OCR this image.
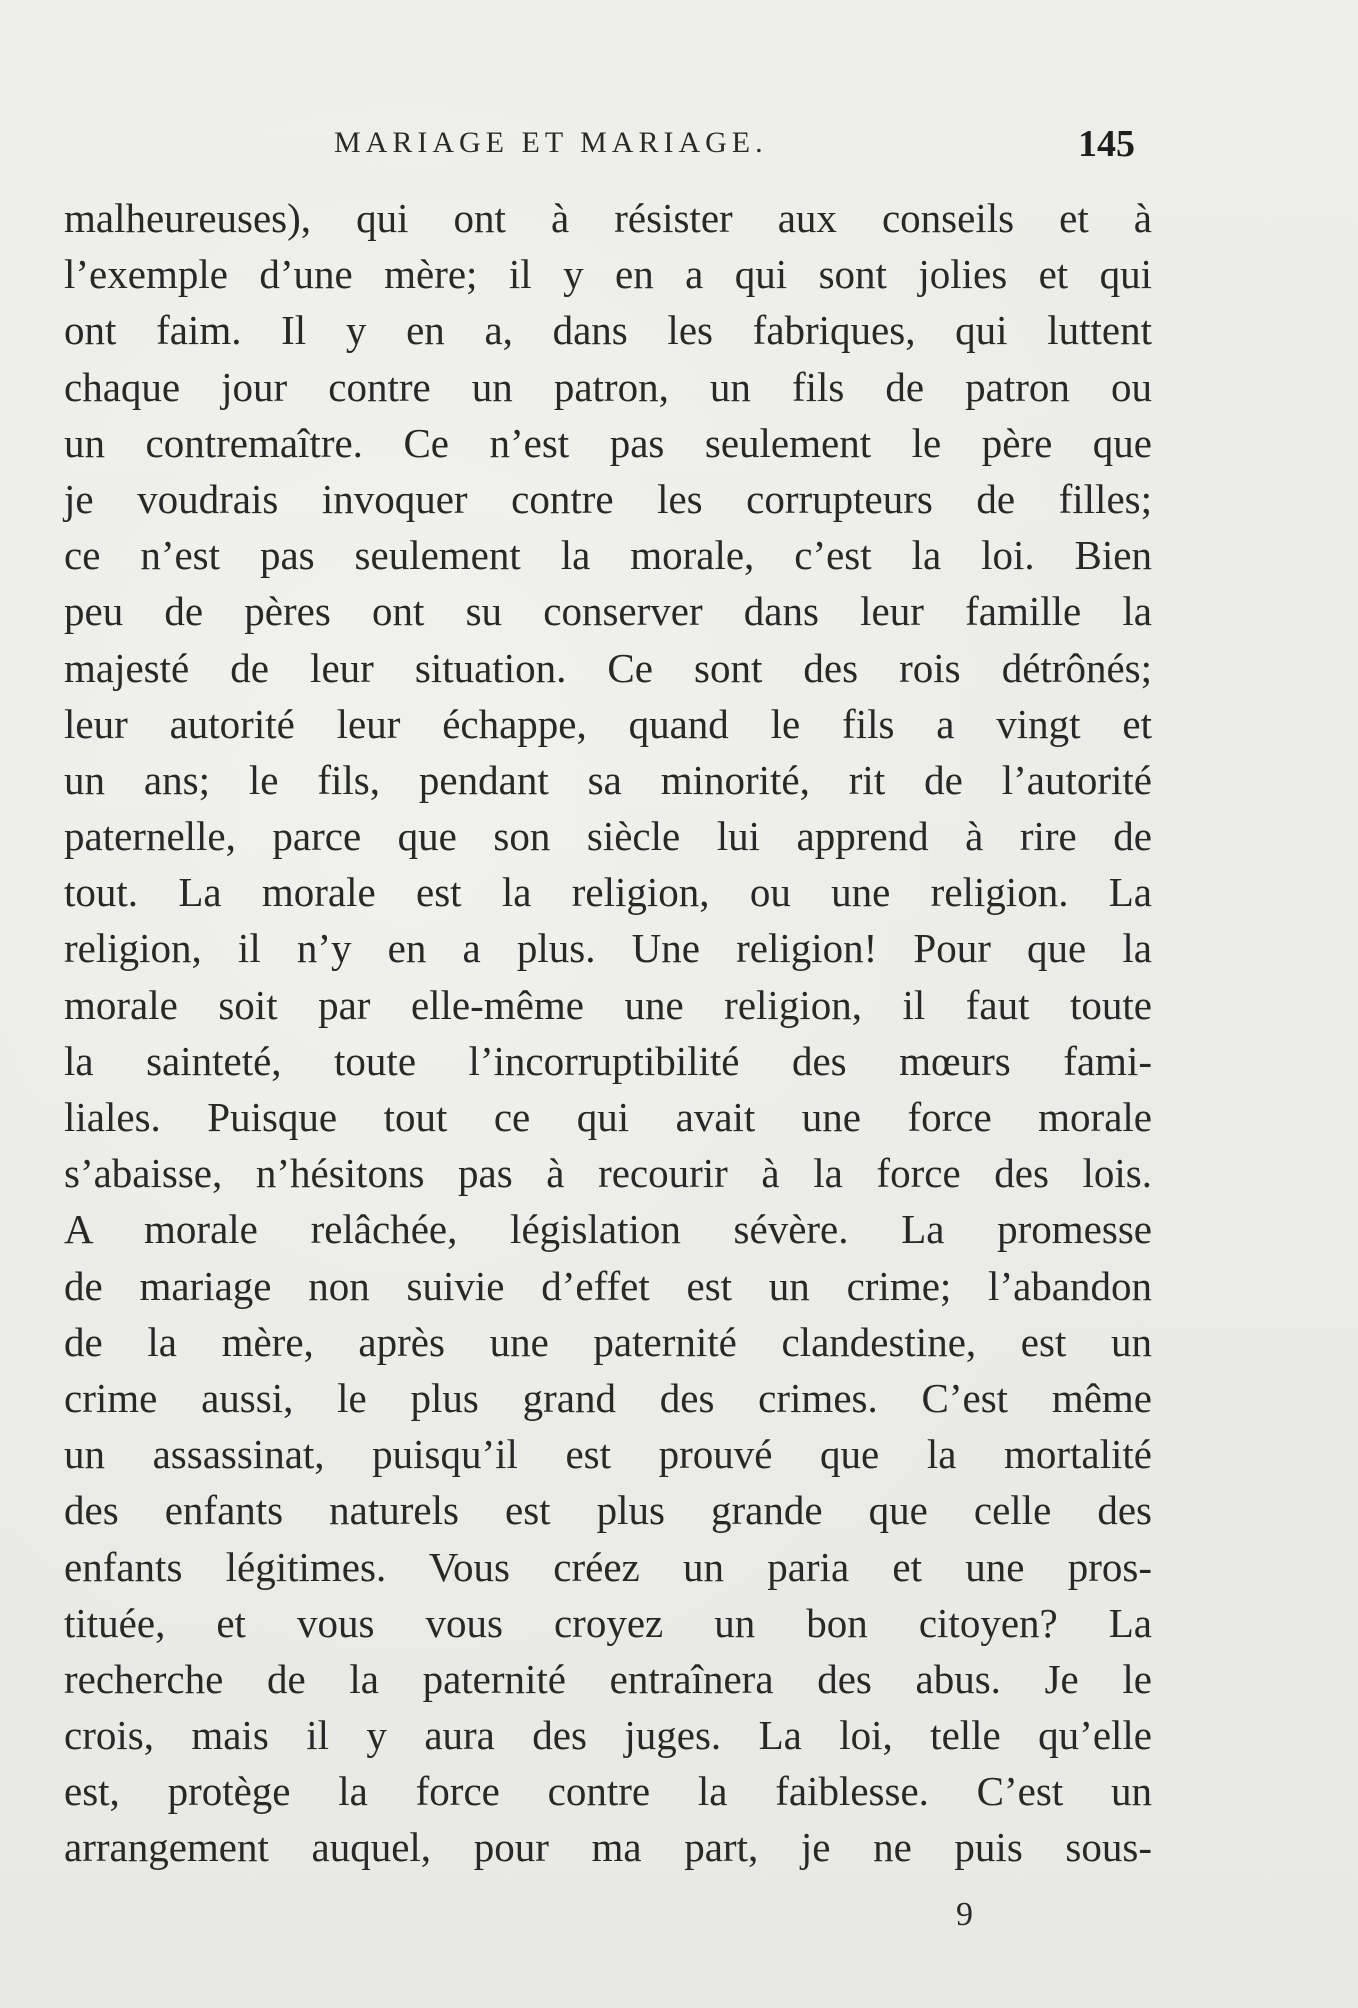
MARIAGE ET MARIAGE.	145
malheureuses), qui ont à résister aux conseils et à
l’exemple d’une mère; il y en a qui sont jolies et qui
ont faim. Il y en a, dans les fabriques, qui luttent
chaque jour contre un patron, un fils de patron ou
un contremaître. Ce n’est pas seulement le père que
je voudrais invoquer contre les corrupteurs de filles;
ce n’est pas seulement la morale, c’est la loi. Bien
peu de pères ont su conserver dans leur famille la
majesté de leur situation. Ce sont des rois détrônés;
leur autorité leur échappe, quand le fils a vingt et
un ans; le fils, pendant sa minorité, rit de l’autorité
paternelle, parce que son siècle lui apprend à rire de
tout. La morale est la religion, ou une religion. La
religion, il n’y en a plus. Une religion! Pour que la
morale soit par elle-même une religion, il faut toute
la sainteté, toute l’incorruptibilité des mœurs fami-
liales. Puisque tout ce qui avait une force morale
s’abaisse, n’hésitons pas à recourir à la force des lois.
A morale relâchée, législation sévère. La promesse
de mariage non suivie d’effet est un crime; l’abandon
de la mère, après une paternité clandestine, est un
crime aussi, le plus grand des crimes. C’est même
un assassinat, puisqu’il est prouvé que la mortalité
des enfants naturels est plus grande que celle des
enfants légitimes. Vous créez un paria et une pros-
tituée, et vous vous croyez un bon citoyen? La
recherche de la paternité entraînera des abus. Je le
crois, mais il y aura des juges. La loi, telle qu’elle
est, protège la force contre la faiblesse. C’est un
arrangement auquel, pour ma part, je ne puis sous-
9
